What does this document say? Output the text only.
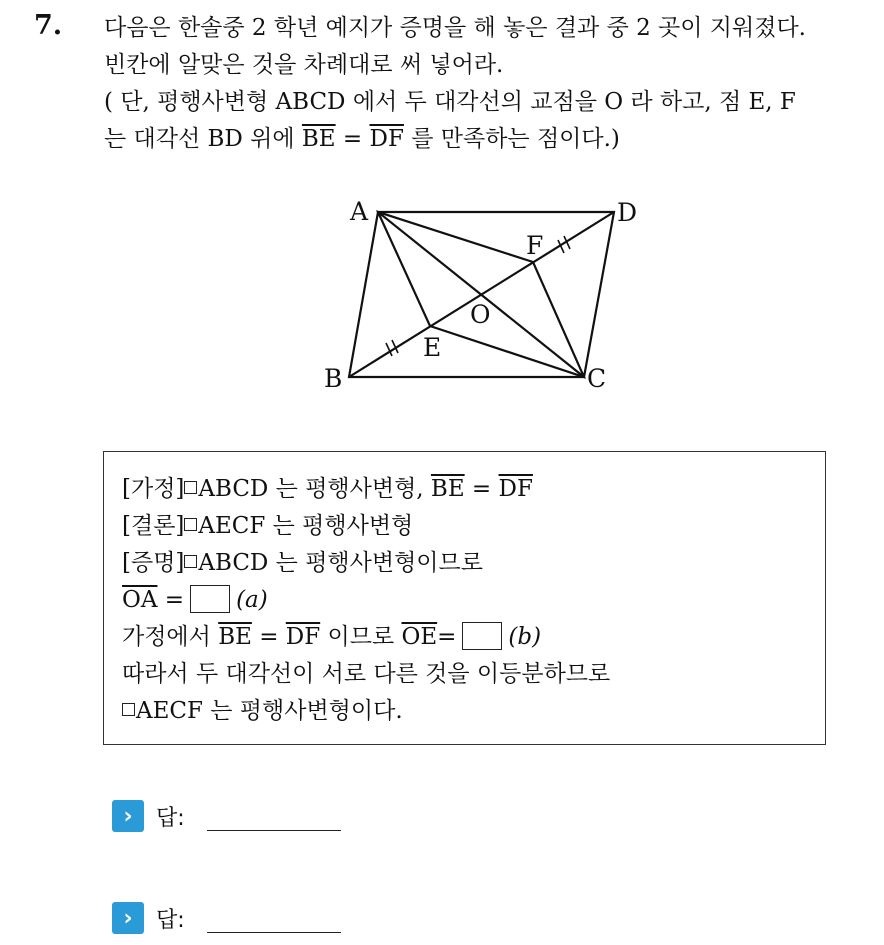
7. 다음은 한솔중 2 학년 예지가 증명을 해 놓은 결과 중 2 곳이 지워졌다.
빈칸에 알맞은 것을 차례대로 써 넣어라.
( 단, 평행사변형 ABCD 에서 두 대각선의 교점을 O 라 하고, 점 E, F
는 대각선 BD 위에 $\overline{BE} = \overline{DF}$ 를 만족하는 점이다.)
A	D
B	C
E
F
O
[가정] ABCD 는 평행사변형, $\overline{BE} = \overline{DF}$
[결론] AECF 는 평행사변형
[증명] ABCD 는 평행사변형이므로
$\overline{OA} = (a)$
가정에서 $\overline{BE} = \overline{DF}$ 이므로 $\overline{OE}= (b)$
따라서 두 대각선이 서로 다른 것을 이등분하므로
AECF 는 평행사변형이다.
›	답:
›	답:
